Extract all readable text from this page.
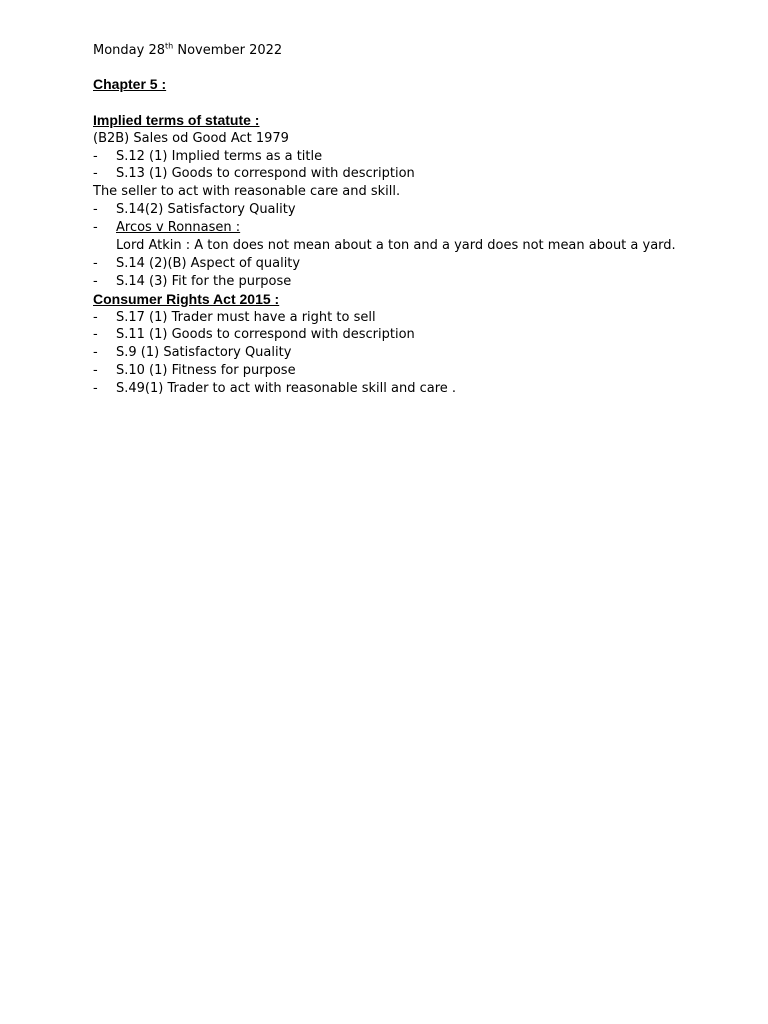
Monday 28th November 2022
Chapter 5 :
Implied terms of statute :
(B2B) Sales od Good Act 1979
-	S.12 (1) Implied terms as a title
-	S.13 (1) Goods to correspond with description
The seller to act with reasonable care and skill.
-	S.14(2) Satisfactory Quality
-	Arcos v Ronnasen :
Lord Atkin : A ton does not mean about a ton and a yard does not mean about a yard.
-	S.14 (2)(B) Aspect of quality
-	S.14 (3) Fit for the purpose
Consumer Rights Act 2015 :
-	S.17 (1) Trader must have a right to sell
-	S.11 (1) Goods to correspond with description
-	S.9 (1) Satisfactory Quality
-	S.10 (1) Fitness for purpose
-	S.49(1) Trader to act with reasonable skill and care .
